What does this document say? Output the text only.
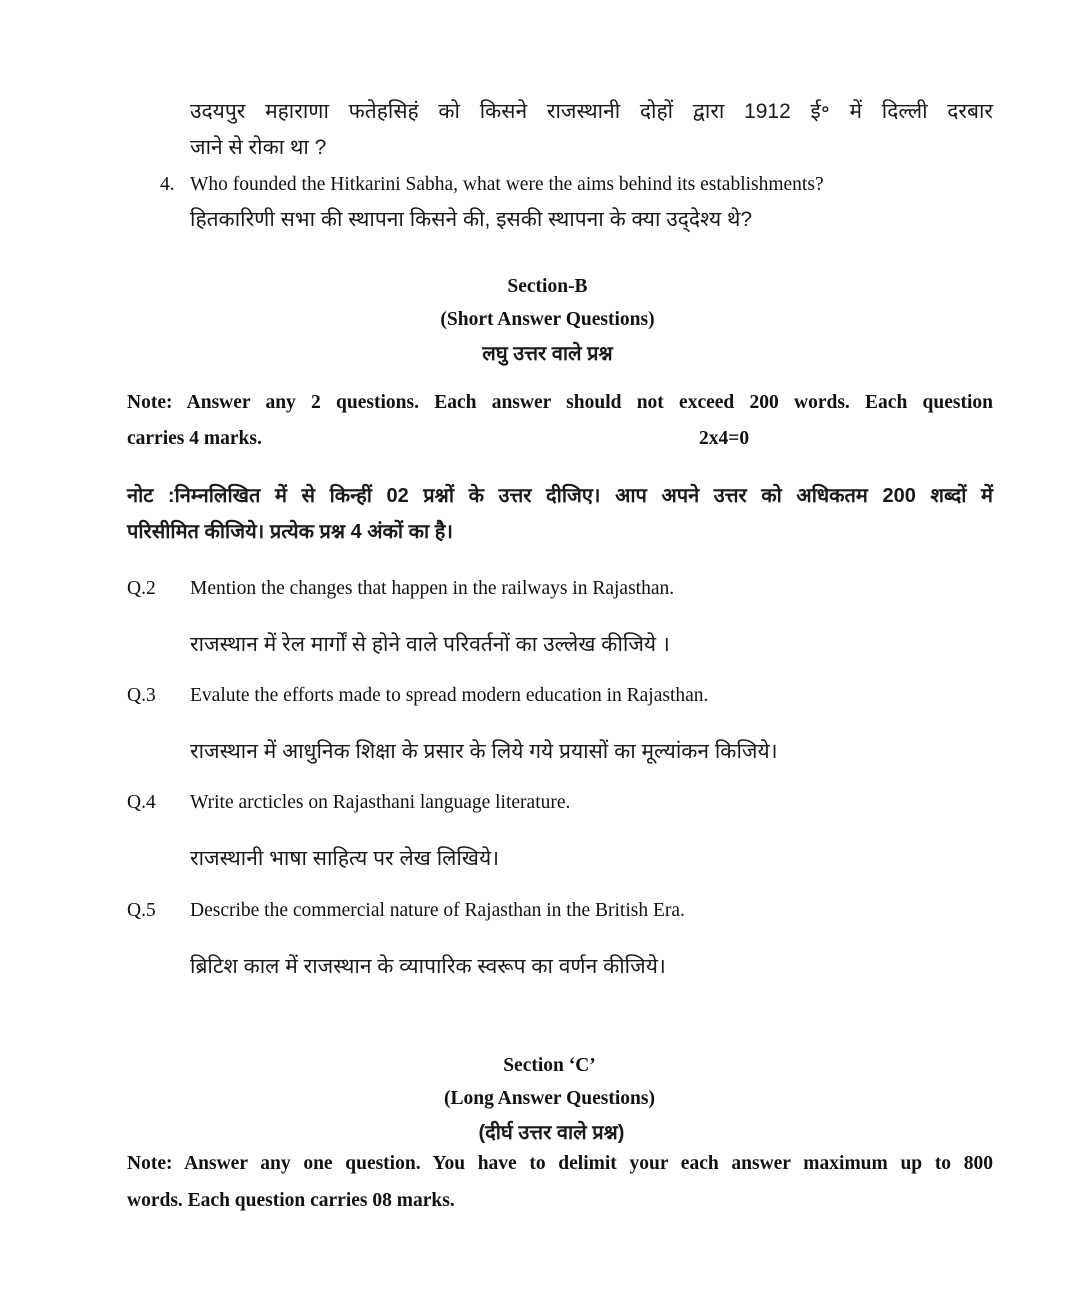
उदयपुर महाराणा फतेहसिहं को किसने राजस्थानी दोहों द्वारा 1912 ई॰ में दिल्ली दरबार
जाने से रोका था ?
4. Who founded the Hitkarini Sabha, what were the aims behind its establishments?
हितकारिणी सभा की स्थापना किसने की, इसकी स्थापना के क्या उद्‌देश्य थे?
Section-B
(Short Answer Questions)
लघु उत्तर वाले प्रश्न
Note: Answer any 2 questions. Each answer should not exceed 200 words. Each question
carries 4 marks.	2x4=0
नोट :निम्नलिखित में से किन्हीं 02 प्रश्नों के उत्तर दीजिए। आप अपने उत्तर को अधिकतम 200 शब्दों में
परिसीमित कीजिये। प्रत्येक प्रश्न 4 अंकों का है।
Q.2 Mention the changes that happen in the railways in Rajasthan.
राजस्थान में रेल मार्गों से होने वाले परिवर्तनों का उल्लेख कीजिये ।
Q.3 Evalute the efforts made to spread modern education in Rajasthan.
राजस्थान में आधुनिक शिक्षा के प्रसार के लिये गये प्रयासों का मूल्यांकन किजिये।
Q.4 Write arcticles on Rajasthani language literature.
राजस्थानी भाषा साहित्य पर लेख लिखिये।
Q.5 Describe the commercial nature of Rajasthan in the British Era.
ब्रिटिश काल में राजस्थान के व्यापारिक स्वरूप का वर्णन कीजिये।
Section ‘C’
(Long Answer Questions)
(दीर्घ उत्तर वाले प्रश्न)
Note: Answer any one question. You have to delimit your each answer maximum up to 800
words. Each question carries 08 marks.
